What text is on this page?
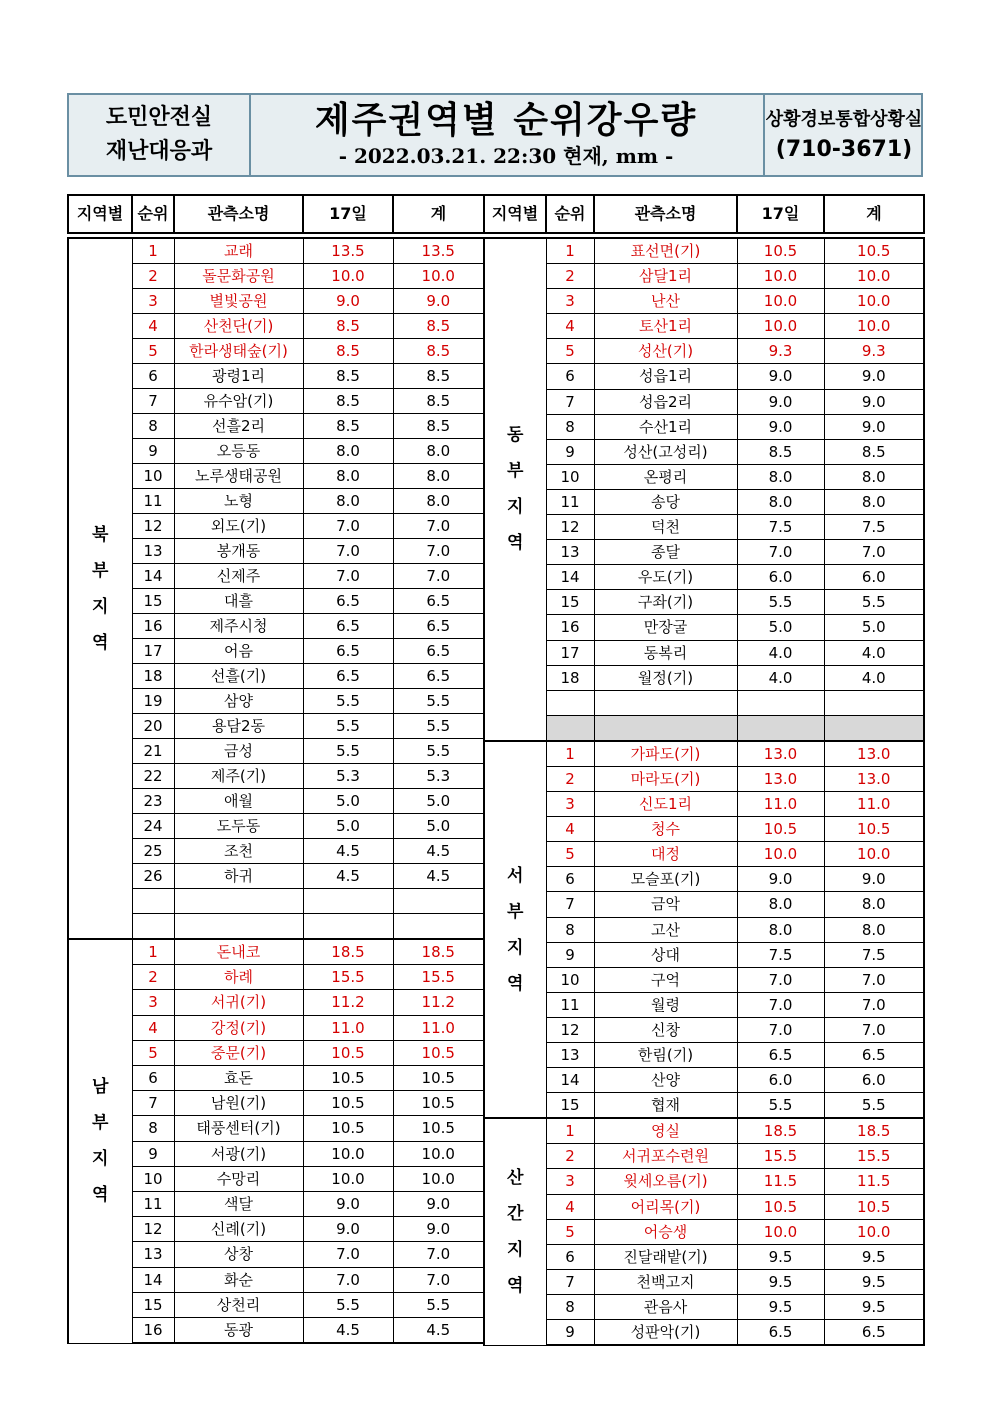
도민안전실
재난대응과
제주권역별 순위강우량
- 2022.03.21. 22:30 현재, mm -
상황경보통합상황실
(710-3671)
지역별	순위	관측소명	17일	계

북
부
지
역	1	교래	13.5	13.5
	2	돌문화공원	10.0	10.0
	3	별빛공원	9.0	9.0
	4	산천단(기)	8.5	8.5
	5	한라생태숲(기)	8.5	8.5
	6	광령1리	8.5	8.5
	7	유수암(기)	8.5	8.5
	8	선흘2리	8.5	8.5
	9	오등동	8.0	8.0
	10	노루생태공원	8.0	8.0
	11	노형	8.0	8.0
	12	외도(기)	7.0	7.0
	13	봉개동	7.0	7.0
	14	신제주	7.0	7.0
	15	대흘	6.5	6.5
	16	제주시청	6.5	6.5
	17	어음	6.5	6.5
	18	선흘(기)	6.5	6.5
	19	삼양	5.5	5.5
	20	용담2동	5.5	5.5
	21	금성	5.5	5.5
	22	제주(기)	5.3	5.3
	23	애월	5.0	5.0
	24	도두동	5.0	5.0
	25	조천	4.5	4.5
	26	하귀	4.5	4.5

남
부
지
역	1	돈내코	18.5	18.5
	2	하례	15.5	15.5
	3	서귀(기)	11.2	11.2
	4	강정(기)	11.0	11.0
	5	중문(기)	10.5	10.5
	6	효돈	10.5	10.5
	7	남원(기)	10.5	10.5
	8	태풍센터(기)	10.5	10.5
	9	서광(기)	10.0	10.0
	10	수망리	10.0	10.0
	11	색달	9.0	9.0
	12	신례(기)	9.0	9.0
	13	상창	7.0	7.0
	14	화순	7.0	7.0
	15	상천리	5.5	5.5
	16	동광	4.5	4.5
지역별	순위	관측소명	17일	계

동
부
지
역	1	표선면(기)	10.5	10.5
	2	삼달1리	10.0	10.0
	3	난산	10.0	10.0
	4	토산1리	10.0	10.0
	5	성산(기)	9.3	9.3
	6	성읍1리	9.0	9.0
	7	성읍2리	9.0	9.0
	8	수산1리	9.0	9.0
	9	성산(고성리)	8.5	8.5
	10	온평리	8.0	8.0
	11	송당	8.0	8.0
	12	덕천	7.5	7.5
	13	종달	7.0	7.0
	14	우도(기)	6.0	6.0
	15	구좌(기)	5.5	5.5
	16	만장굴	5.0	5.0
	17	동복리	4.0	4.0
	18	월정(기)	4.0	4.0

서
부
지
역	1	가파도(기)	13.0	13.0
	2	마라도(기)	13.0	13.0
	3	신도1리	11.0	11.0
	4	청수	10.5	10.5
	5	대정	10.0	10.0
	6	모슬포(기)	9.0	9.0
	7	금악	8.0	8.0
	8	고산	8.0	8.0
	9	상대	7.5	7.5
	10	구억	7.0	7.0
	11	월령	7.0	7.0
	12	신창	7.0	7.0
	13	한림(기)	6.5	6.5
	14	산양	6.0	6.0
	15	협재	5.5	5.5

산
간
지
역	1	영실	18.5	18.5
	2	서귀포수련원	15.5	15.5
	3	윗세오름(기)	11.5	11.5
	4	어리목(기)	10.5	10.5
	5	어승생	10.0	10.0
	6	진달래밭(기)	9.5	9.5
	7	천백고지	9.5	9.5
	8	관음사	9.5	9.5
	9	성판악(기)	6.5	6.5
